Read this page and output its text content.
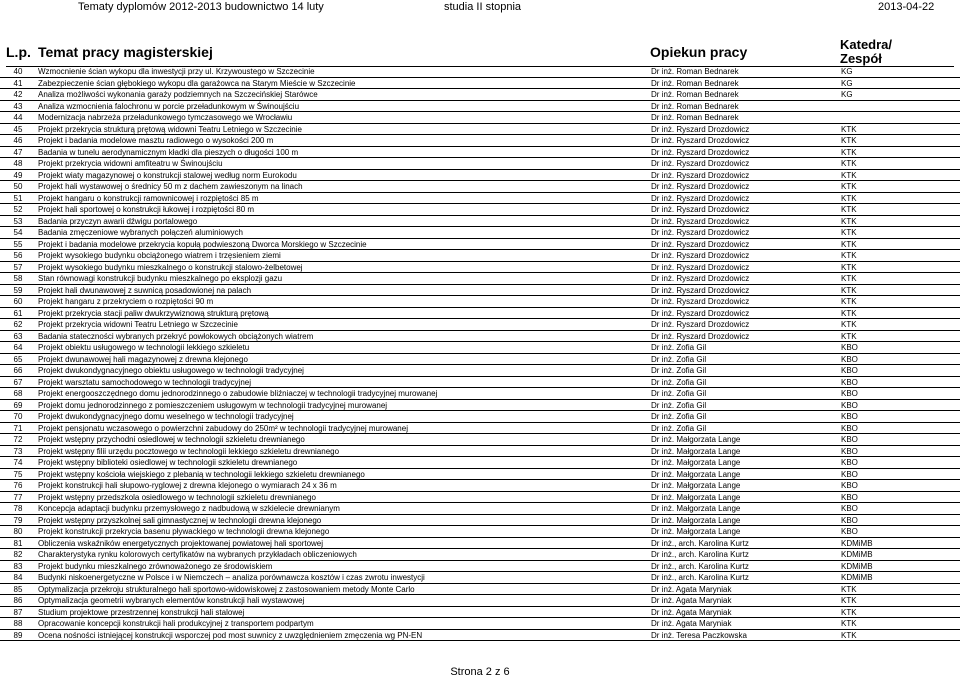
Tematy dyplomów 2012-2013 budownictwo 14 luty	studia II stopnia	2013-04-22
L.p. Temat pracy magisterskiej	Opiekun pracy	Katedra/
Zespół
40	Wzmocnienie ścian wykopu dla inwestycji przy ul. Krzywoustego w Szczecinie	Dr inż. Roman Bednarek	KG
41	Zabezpieczenie ścian głębokiego wykopu dla garażowca na Starym Mieście w Szczecinie	Dr inż. Roman Bednarek	KG
42	Analiza możliwości wykonania garaży podziemnych na Szczecińskiej Starówce	Dr inż. Roman Bednarek	KG
43	Analiza wzmocnienia falochronu w porcie przeładunkowym w Świnoujściu	Dr inż. Roman Bednarek
44	Modernizacja nabrzeża przeładunkowego tymczasowego we Wrocławiu	Dr inż. Roman Bednarek
45	Projekt przekrycia strukturą prętową widowni Teatru Letniego w Szczecinie	Dr inż. Ryszard Drozdowicz	KTK
46	Projekt i badania modelowe masztu radiowego o wysokości 200 m	Dr inż. Ryszard Drozdowicz	KTK
47	Badania w tunelu aerodynamicznym kładki dla pieszych o długości 100 m	Dr inż. Ryszard Drozdowicz	KTK
48	Projekt przekrycia widowni amfiteatru w Świnoujściu	Dr inż. Ryszard Drozdowicz	KTK
49	Projekt wiaty magazynowej o konstrukcji stalowej według norm Eurokodu	Dr inż. Ryszard Drozdowicz	KTK
50	Projekt hali wystawowej o średnicy 50 m z dachem zawieszonym na linach	Dr inż. Ryszard Drozdowicz	KTK
51	Projekt hangaru o konstrukcji ramownicowej i rozpiętości 85 m	Dr inż. Ryszard Drozdowicz	KTK
52	Projekt hali sportowej o konstrukcji łukowej i rozpiętości 80 m	Dr inż. Ryszard Drozdowicz	KTK
53	Badania przyczyn awarii dźwigu portalowego	Dr inż. Ryszard Drozdowicz	KTK
54	Badania zmęczeniowe wybranych połączeń aluminiowych	Dr inż. Ryszard Drozdowicz	KTK
55	Projekt i badania modelowe przekrycia kopułą podwieszoną Dworca Morskiego w Szczecinie	Dr inż. Ryszard Drozdowicz	KTK
56	Projekt wysokiego budynku obciążonego wiatrem i trzęsieniem ziemi	Dr inż. Ryszard Drozdowicz	KTK
57	Projekt wysokiego budynku mieszkalnego o konstrukcji stalowo-żelbetowej	Dr inż. Ryszard Drozdowicz	KTK
58	Stan równowagi konstrukcji budynku mieszkalnego po eksplozji gazu	Dr inż. Ryszard Drozdowicz	KTK
59	Projekt hali dwunawowej z suwnicą posadowionej na palach	Dr inż. Ryszard Drozdowicz	KTK
60	Projekt hangaru z przekryciem o rozpiętości 90 m	Dr inż. Ryszard Drozdowicz	KTK
61	Projekt przekrycia stacji paliw dwukrzywiznową strukturą prętową	Dr inż. Ryszard Drozdowicz	KTK
62	Projekt przekrycia widowni Teatru Letniego w Szczecinie	Dr inż. Ryszard Drozdowicz	KTK
63	Badania stateczności wybranych przekryć powłokowych obciążonych wiatrem	Dr inż. Ryszard Drozdowicz	KTK
64	Projekt obiektu usługowego w technologii lekkiego szkieletu	Dr inż. Zofia Gil	KBO
65	Projekt dwunawowej hali magazynowej z drewna klejonego	Dr inż. Zofia Gil	KBO
66	Projekt dwukondygnacyjnego obiektu usługowego w technologii tradycyjnej	Dr inż. Zofia Gil	KBO
67	Projekt warsztatu samochodowego w technologii tradycyjnej	Dr inż. Zofia Gil	KBO
68	Projekt energooszczędnego domu jednorodzinnego o zabudowie bliźniaczej w technologii tradycyjnej murowanej	Dr inż. Zofia Gil	KBO
69	Projekt domu jednorodzinnego z pomieszczeniem usługowym w technologii tradycyjnej murowanej	Dr inż. Zofia Gil	KBO
70	Projekt dwukondygnacyjnego domu weselnego w technologii tradycyjnej	Dr inż. Zofia Gil	KBO
71	Projekt pensjonatu wczasowego o powierzchni zabudowy do 250m² w technologii tradycyjnej murowanej	Dr inż. Zofia Gil	KBO
72	Projekt wstępny przychodni osiedlowej w technologii szkieletu drewnianego	Dr inż. Małgorzata Lange	KBO
73	Projekt wstępny filii urzędu pocztowego w technologii lekkiego szkieletu drewnianego	Dr inż. Małgorzata Lange	KBO
74	Projekt wstępny biblioteki osiedlowej w technologii szkieletu drewnianego	Dr inż. Małgorzata Lange	KBO
75	Projekt wstępny kościoła wiejskiego z plebanią w technologii lekkiego szkieletu drewnianego	Dr inż. Małgorzata Lange	KBO
76	Projekt konstrukcji hali słupowo-ryglowej z drewna klejonego o wymiarach 24 x 36 m	Dr inż. Małgorzata Lange	KBO
77	Projekt wstępny przedszkola osiedlowego w technologii szkieletu drewnianego	Dr inż. Małgorzata Lange	KBO
78	Koncepcja adaptacji budynku przemysłowego z nadbudową w szkielecie drewnianym	Dr inż. Małgorzata Lange	KBO
79	Projekt wstępny przyszkolnej sali gimnastycznej w technologii drewna klejonego	Dr inż. Małgorzata Lange	KBO
80	Projekt konstrukcji przekrycia basenu pływackiego w technologii drewna klejonego	Dr inż. Małgorzata Lange	KBO
81	Obliczenia wskaźników energetycznych projektowanej powiatowej hali sportowej	Dr inż., arch. Karolina Kurtz	KDMiMB
82	Charakterystyka rynku kolorowych certyfikatów na wybranych przykładach obliczeniowych	Dr inż., arch. Karolina Kurtz	KDMiMB
83	Projekt budynku mieszkalnego zrównoważonego ze środowiskiem	Dr inż., arch. Karolina Kurtz	KDMiMB
84	Budynki niskoenergetyczne w Polsce i w Niemczech – analiza porównawcza kosztów i czas zwrotu inwestycji	Dr inż., arch. Karolina Kurtz	KDMiMB
85	Optymalizacja przekroju strukturalnego hali sportowo-widowiskowej z zastosowaniem metody Monte Carlo	Dr inż. Agata Maryniak	KTK
86	Optymalizacja geometrii wybranych elementów konstrukcji hali wystawowej	Dr inż. Agata Maryniak	KTK
87	Studium projektowe przestrzennej konstrukcji hali stalowej	Dr inż. Agata Maryniak	KTK
88	Opracowanie koncepcji konstrukcji hali produkcyjnej z transportem podpartym	Dr inż. Agata Maryniak	KTK
89	Ocena nośności istniejącej konstrukcji wsporczej pod most suwnicy z uwzględnieniem zmęczenia wg PN-EN	Dr inż. Teresa Paczkowska	KTK
Strona 2 z 6
